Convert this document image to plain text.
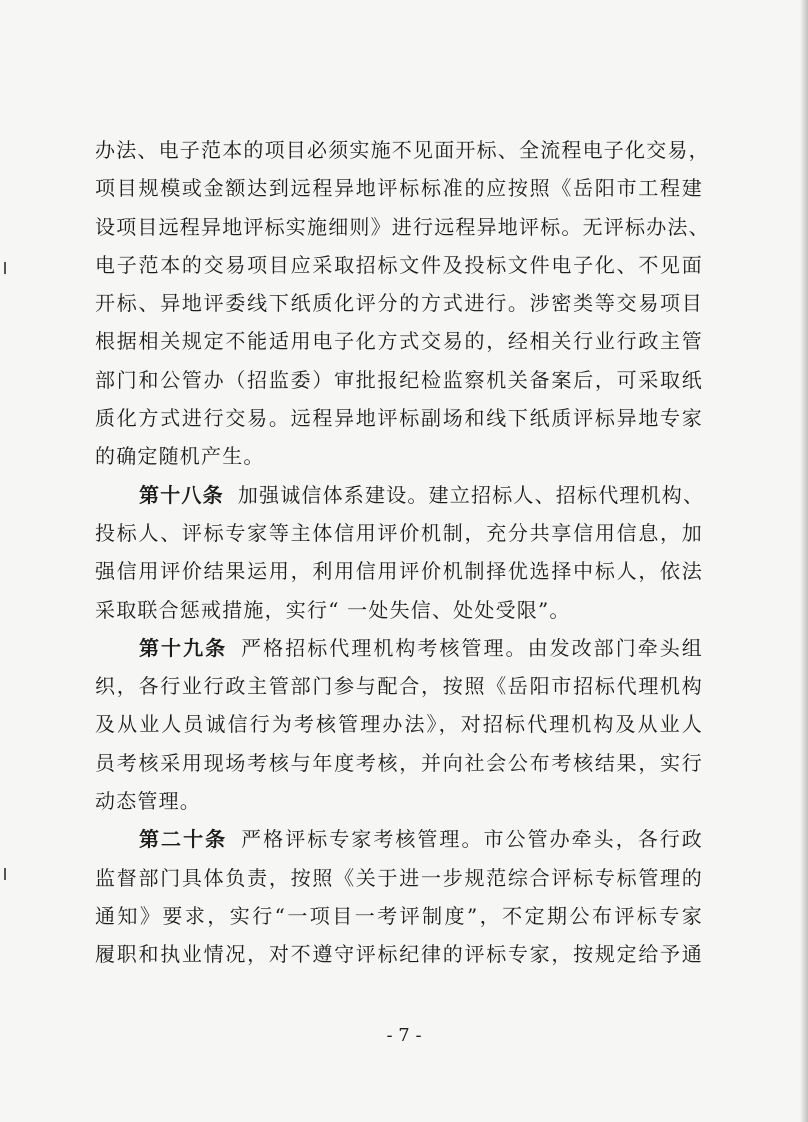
办法、电子范本的项目必须实施不见面开标、全流程电子化交易，
项目规模或金额达到远程异地评标标准的应按照《岳阳市工程建
设项目远程异地评标实施细则》进行远程异地评标。无评标办法、
电子范本的交易项目应采取招标文件及投标文件电子化、不见面
开标、异地评委线下纸质化评分的方式进行。涉密类等交易项目
根据相关规定不能适用电子化方式交易的，经相关行业行政主管
部门和公管办（招监委）审批报纪检监察机关备案后，可采取纸
质化方式进行交易。远程异地评标副场和线下纸质评标异地专家
的确定随机产生。
第十八条 加强诚信体系建设。建立招标人、招标代理机构、
投标人、评标专家等主体信用评价机制，充分共享信用信息，加
强信用评价结果运用，利用信用评价机制择优选择中标人，依法
采取联合惩戒措施，实行“ 一处失信、处处受限”。
第十九条 严格招标代理机构考核管理。由发改部门牵头组
织，各行业行政主管部门参与配合，按照《岳阳市招标代理机构
及从业人员诚信行为考核管理办法》，对招标代理机构及从业人
员考核采用现场考核与年度考核，并向社会公布考核结果，实行
动态管理。
第二十条 严格评标专家考核管理。市公管办牵头，各行政
监督部门具体负责，按照《关于进一步规范综合评标专标管理的
通知》要求，实行“一项目一考评制度”，不定期公布评标专家
履职和执业情况，对不遵守评标纪律的评标专家，按规定给予通
- 7 -
